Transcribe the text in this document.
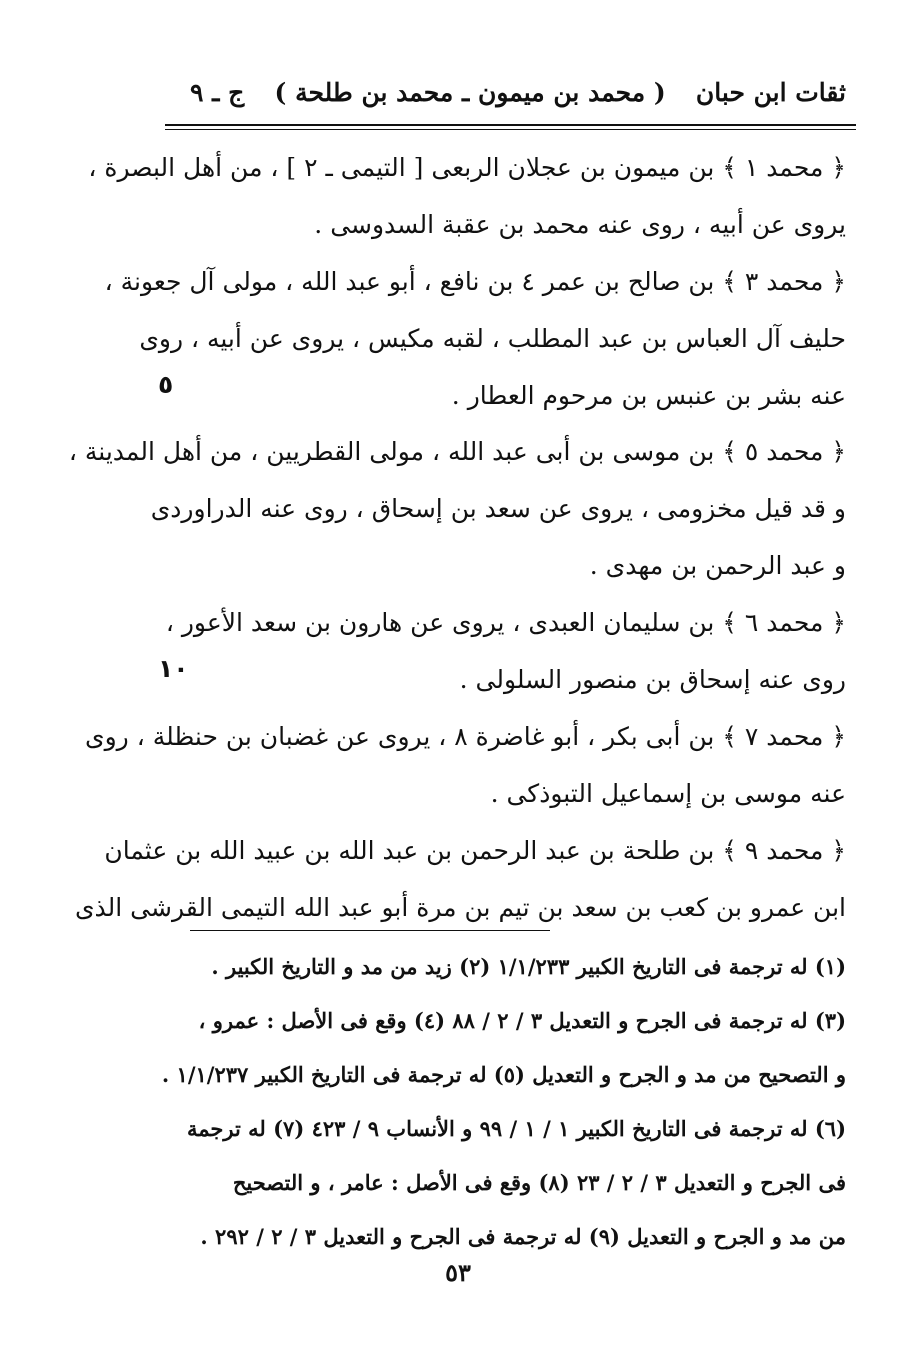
ثقات ابن حبان
( محمد بن ميمون ـ محمد بن طلحة )
ج ـ ٩
﴿ محمد ١ ﴾ بن ميمون بن عجلان الربعى [ التيمى ـ ٢ ] ، من أهل البصرة ،
يروى عن أبيه ، روى عنه محمد بن عقبة السدوسى .
﴿ محمد ٣ ﴾ بن صالح بن عمر ٤ بن نافع ، أبو عبد الله ، مولى آل جعونة ،
حليف آل العباس بن عبد المطلب ، لقبه مكيس ، يروى عن أبيه ، روى
عنه بشر بن عنبس بن مرحوم العطار .
﴿ محمد ٥ ﴾ بن موسى بن أبى عبد الله ، مولى القطريين ، من أهل المدينة ،
و قد قيل مخزومى ، يروى عن سعد بن إسحاق ، روى عنه الدراوردى
و عبد الرحمن بن مهدى .
﴿ محمد ٦ ﴾ بن سليمان العبدى ، يروى عن هارون بن سعد الأعور ،
روى عنه إسحاق بن منصور السلولى .
﴿ محمد ٧ ﴾ بن أبى بكر ، أبو غاضرة ٨ ، يروى عن غضبان بن حنظلة ، روى
عنه موسى بن إسماعيل التبوذكى .
﴿ محمد ٩ ﴾ بن طلحة بن عبد الرحمن بن عبد الله بن عبيد الله بن عثمان
ابن عمرو بن كعب بن سعد بن تيم بن مرة أبو عبد الله التيمى القرشى الذى
٥
١٠
(١) له ترجمة فى التاريخ الكبير ١/١/٢٣٣ (٢) زيد من مد و التاريخ الكبير .
(٣) له ترجمة فى الجرح و التعديل ٣ / ٢ / ٨٨ (٤) وقع فى الأصل : عمرو ،
و التصحيح من مد و الجرح و التعديل (٥) له ترجمة فى التاريخ الكبير ١/١/٢٣٧ .
(٦) له ترجمة فى التاريخ الكبير ١ / ١ / ٩٩ و الأنساب ٩ / ٤٢٣ (٧) له ترجمة
فى الجرح و التعديل ٣ / ٢ / ٢٣ (٨) وقع فى الأصل : عامر ، و التصحيح
من مد و الجرح و التعديل (٩) له ترجمة فى الجرح و التعديل ٣ / ٢ / ٢٩٢ .
٥٣
